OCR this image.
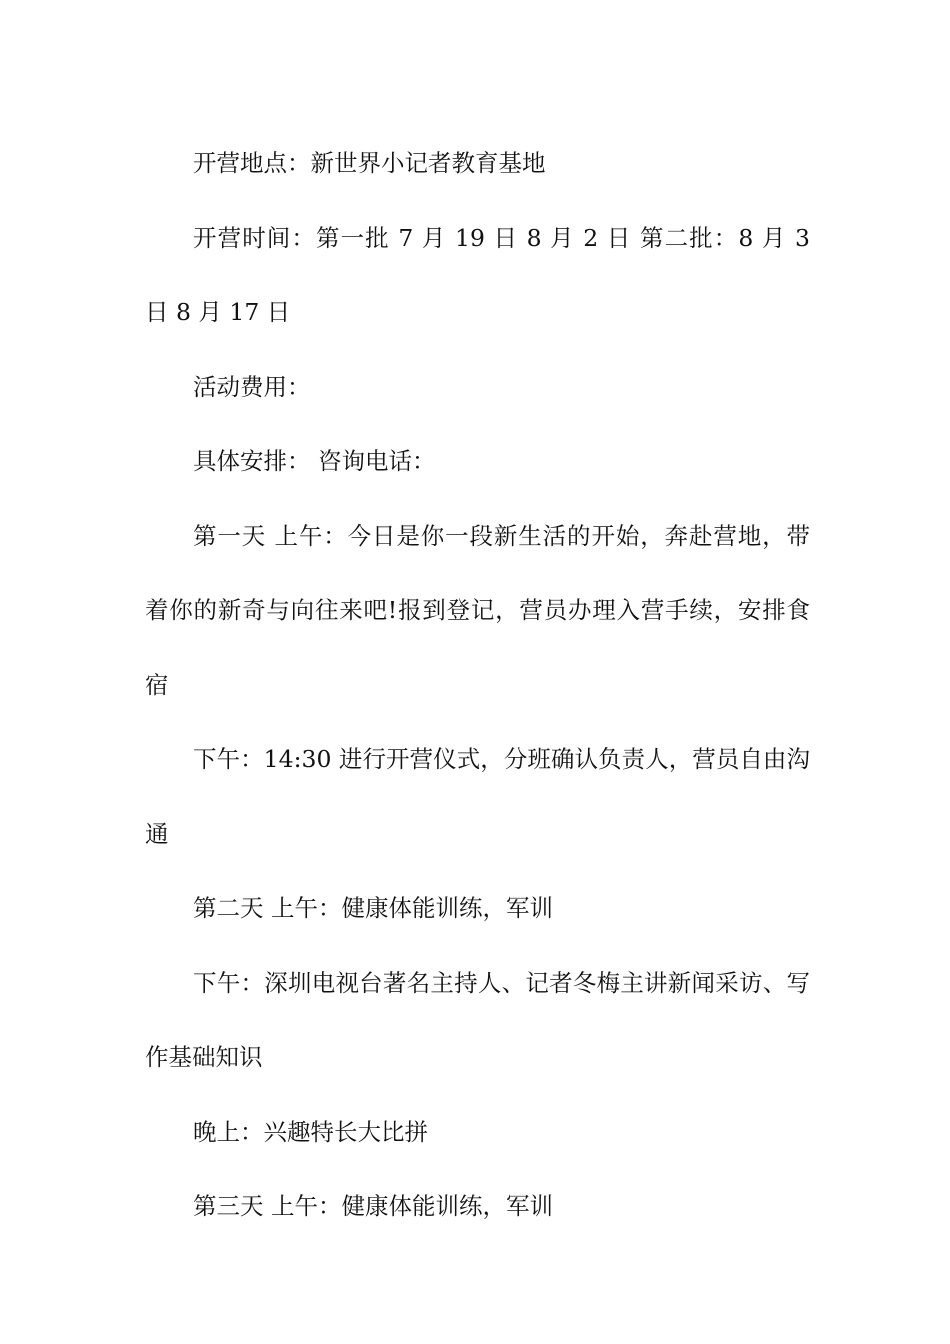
开营地点：新世界小记者教育基地

开营时间：第一批 7 月 19 日 8 月 2 日 第二批：8 月 3 日 8 月 17 日

活动费用：

具体安排： 咨询电话：

第一天 上午：今日是你一段新生活的开始，奔赴营地，带着你的新奇与向往来吧!报到登记，营员办理入营手续，安排食宿

下午：14:30 进行开营仪式，分班确认负责人，营员自由沟通

第二天 上午：健康体能训练，军训

下午：深圳电视台著名主持人、记者冬梅主讲新闻采访、写作基础知识

晚上：兴趣特长大比拼

第三天 上午：健康体能训练，军训
